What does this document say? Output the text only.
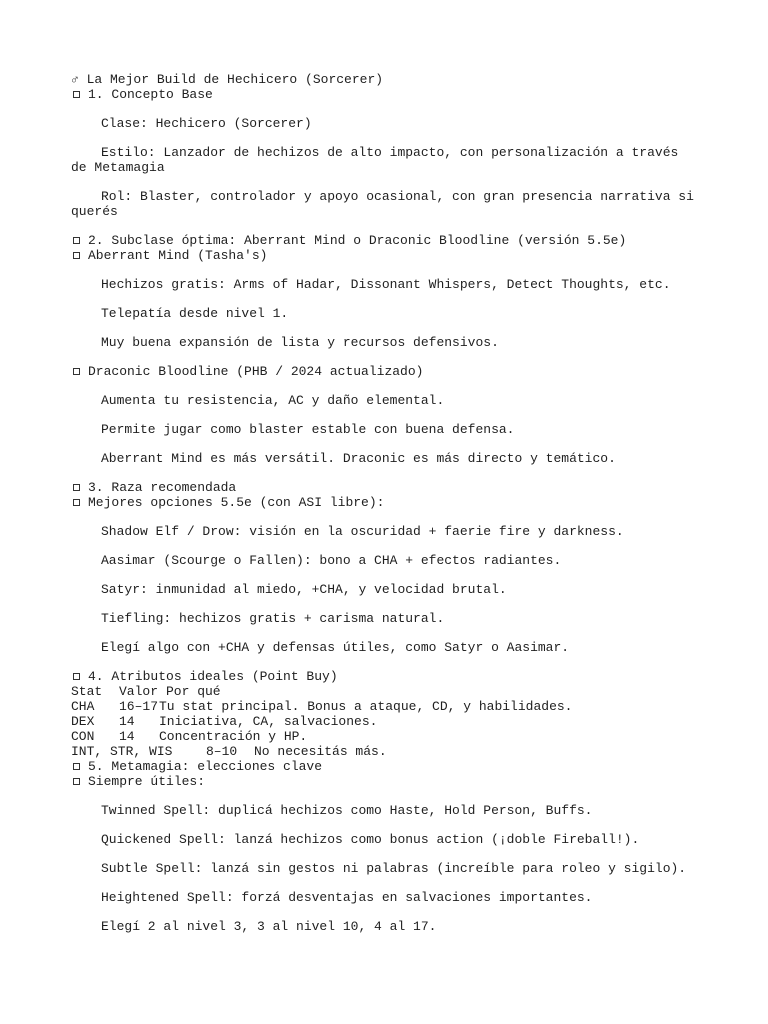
♂ La Mejor Build de Hechicero (Sorcerer)
1. Concepto Base
Clase: Hechicero (Sorcerer)
Estilo: Lanzador de hechizos de alto impacto, con personalización a través de Metamagia
Rol: Blaster, controlador y apoyo ocasional, con gran presencia narrativa si querés
2. Subclase óptima: Aberrant Mind o Draconic Bloodline (versión 5.5e)
Aberrant Mind (Tasha's)
Hechizos gratis: Arms of Hadar, Dissonant Whispers, Detect Thoughts, etc.
Telepatía desde nivel 1.
Muy buena expansión de lista y recursos defensivos.
Draconic Bloodline (PHB / 2024 actualizado)
Aumenta tu resistencia, AC y daño elemental.
Permite jugar como blaster estable con buena defensa.
Aberrant Mind es más versátil. Draconic es más directo y temático.
3. Raza recomendada
Mejores opciones 5.5e (con ASI libre):
Shadow Elf / Drow: visión en la oscuridad + faerie fire y darkness.
Aasimar (Scourge o Fallen): bono a CHA + efectos radiantes.
Satyr: inmunidad al miedo, +CHA, y velocidad brutal.
Tiefling: hechizos gratis + carisma natural.
Elegí algo con +CHA y defensas útiles, como Satyr o Aasimar.
4. Atributos ideales (Point Buy)
Stat Valor Por qué
CHA 16–17Tu stat principal. Bonus a ataque, CD, y habilidades.
DEX 14 Iniciativa, CA, salvaciones.
CON 14 Concentración y HP.
INT, STR, WIS	8–10 No necesitás más.
5. Metamagia: elecciones clave
Siempre útiles:
Twinned Spell: duplicá hechizos como Haste, Hold Person, Buffs.
Quickened Spell: lanzá hechizos como bonus action (¡doble Fireball!).
Subtle Spell: lanzá sin gestos ni palabras (increíble para roleo y sigilo).
Heightened Spell: forzá desventajas en salvaciones importantes.
Elegí 2 al nivel 3, 3 al nivel 10, 4 al 17.
